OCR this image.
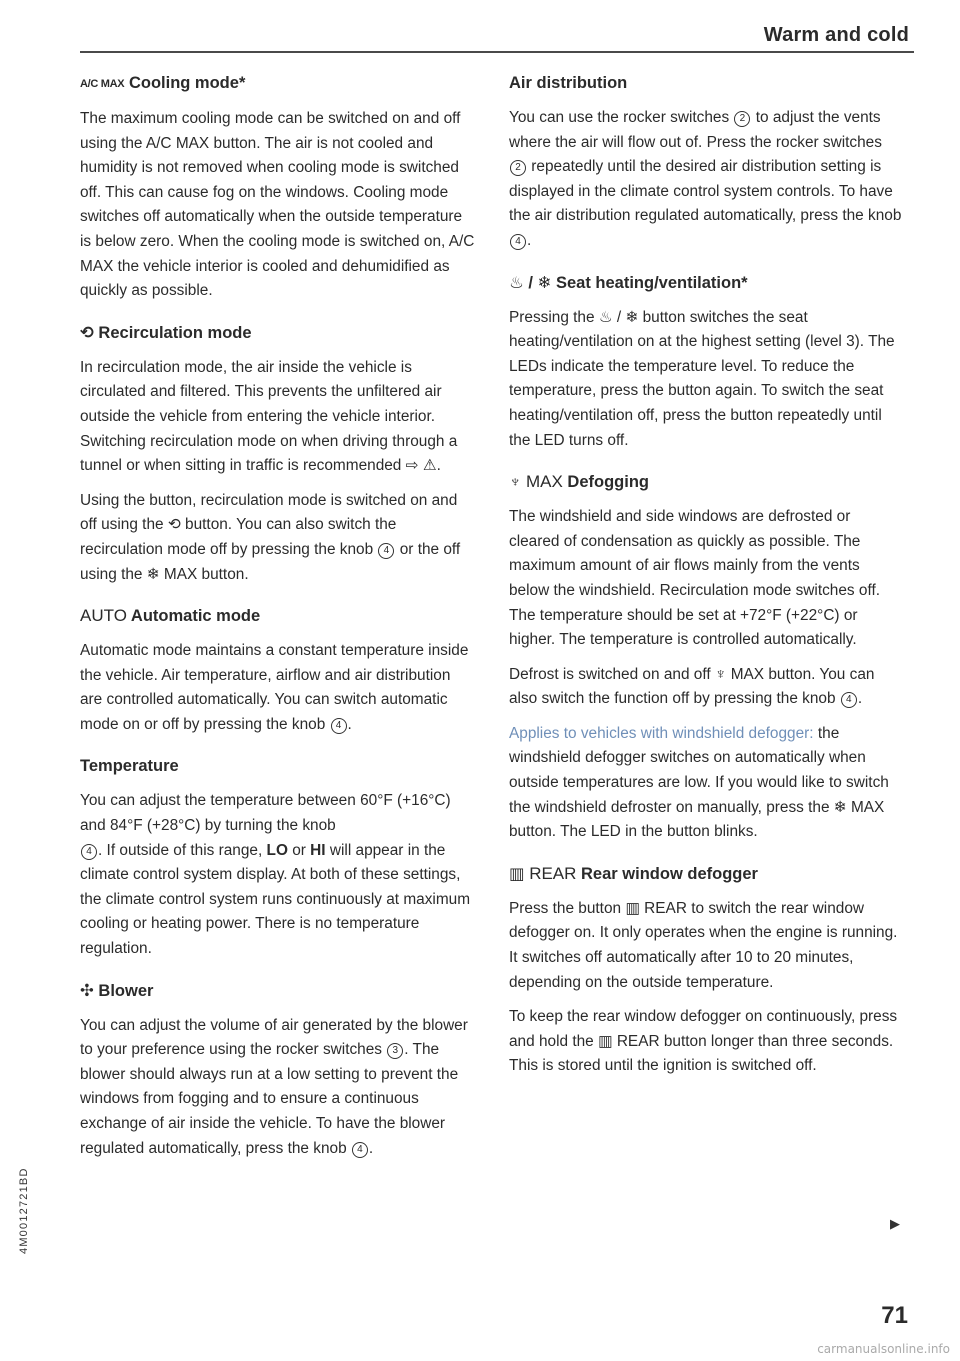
Warm and cold
A/C MAX Cooling mode*

The maximum cooling mode can be switched on and off using the A/C MAX button. The air is not cooled and humidity is not removed when cooling mode is switched off. This can cause fog on the windows. Cooling mode switches off automatically when the outside temperature is below zero. When the cooling mode is switched on, A/C MAX the vehicle interior is cooled and dehumidified as quickly as possible.

⟲ Recirculation mode

In recirculation mode, the air inside the vehicle is circulated and filtered. This prevents the unfiltered air outside the vehicle from entering the vehicle interior. Switching recirculation mode on when driving through a tunnel or when sitting in traffic is recommended ⇨ ⚠.

Using the button, recirculation mode is switched on and off using the ⟲ button. You can also switch the recirculation mode off by pressing the knob 4 or the off using the ❄ MAX button.

AUTO Automatic mode

Automatic mode maintains a constant temperature inside the vehicle. Air temperature, airflow and air distribution are controlled automatically. You can switch automatic mode on or off by pressing the knob 4 .

Temperature

You can adjust the temperature between 60°F (+16°C) and 84°F (+28°C) by turning the knob
4 . If outside of this range, LO or HI will appear in the climate control system display. At both of these settings, the climate control system runs continuously at maximum cooling or heating power. There is no temperature regulation.

✣ Blower

You can adjust the volume of air generated by the blower to your preference using the rocker switches 3 . The blower should always run at a low setting to prevent the windows from fogging and to ensure a continuous exchange of air inside the vehicle. To have the blower regulated automatically, press the knob 4 .

Air distribution

You can use the rocker switches 2 to adjust the vents where the air will flow out of. Press the rocker switches 2 repeatedly until the desired air distribution setting is displayed in the climate control system controls. To have the air distribution regulated automatically, press the knob 4 .

♨ / ❄ Seat heating/ventilation*

Pressing the ♨ / ❄ button switches the seat heating/ventilation on at the highest setting (level 3). The LEDs indicate the temperature level. To reduce the temperature, press the button again. To switch the seat heating/ventilation off, press the button repeatedly until the LED turns off.

♆ MAX Defogging

The windshield and side windows are defrosted or cleared of condensation as quickly as possible. The maximum amount of air flows mainly from the vents below the windshield. Recirculation mode switches off. The temperature should be set at +72°F (+22°C) or higher. The temperature is controlled automatically.

Defrost is switched on and off ♆ MAX button. You can also switch the function off by pressing the knob 4 .

Applies to vehicles with windshield defogger: the windshield defogger switches on automatically when outside temperatures are low. If you would like to switch the windshield defroster on manually, press the ❄ MAX button. The LED in the button blinks.

▥ REAR Rear window defogger

Press the button ▥ REAR to switch the rear window defogger on. It only operates when the engine is running. It switches off automatically after 10 to 20 minutes, depending on the outside temperature.

To keep the rear window defogger on continuously, press and hold the ▥ REAR button longer than three seconds. This is stored until the ignition is switched off.

▶
4M0012721BD
71
carmanualsonline.info
